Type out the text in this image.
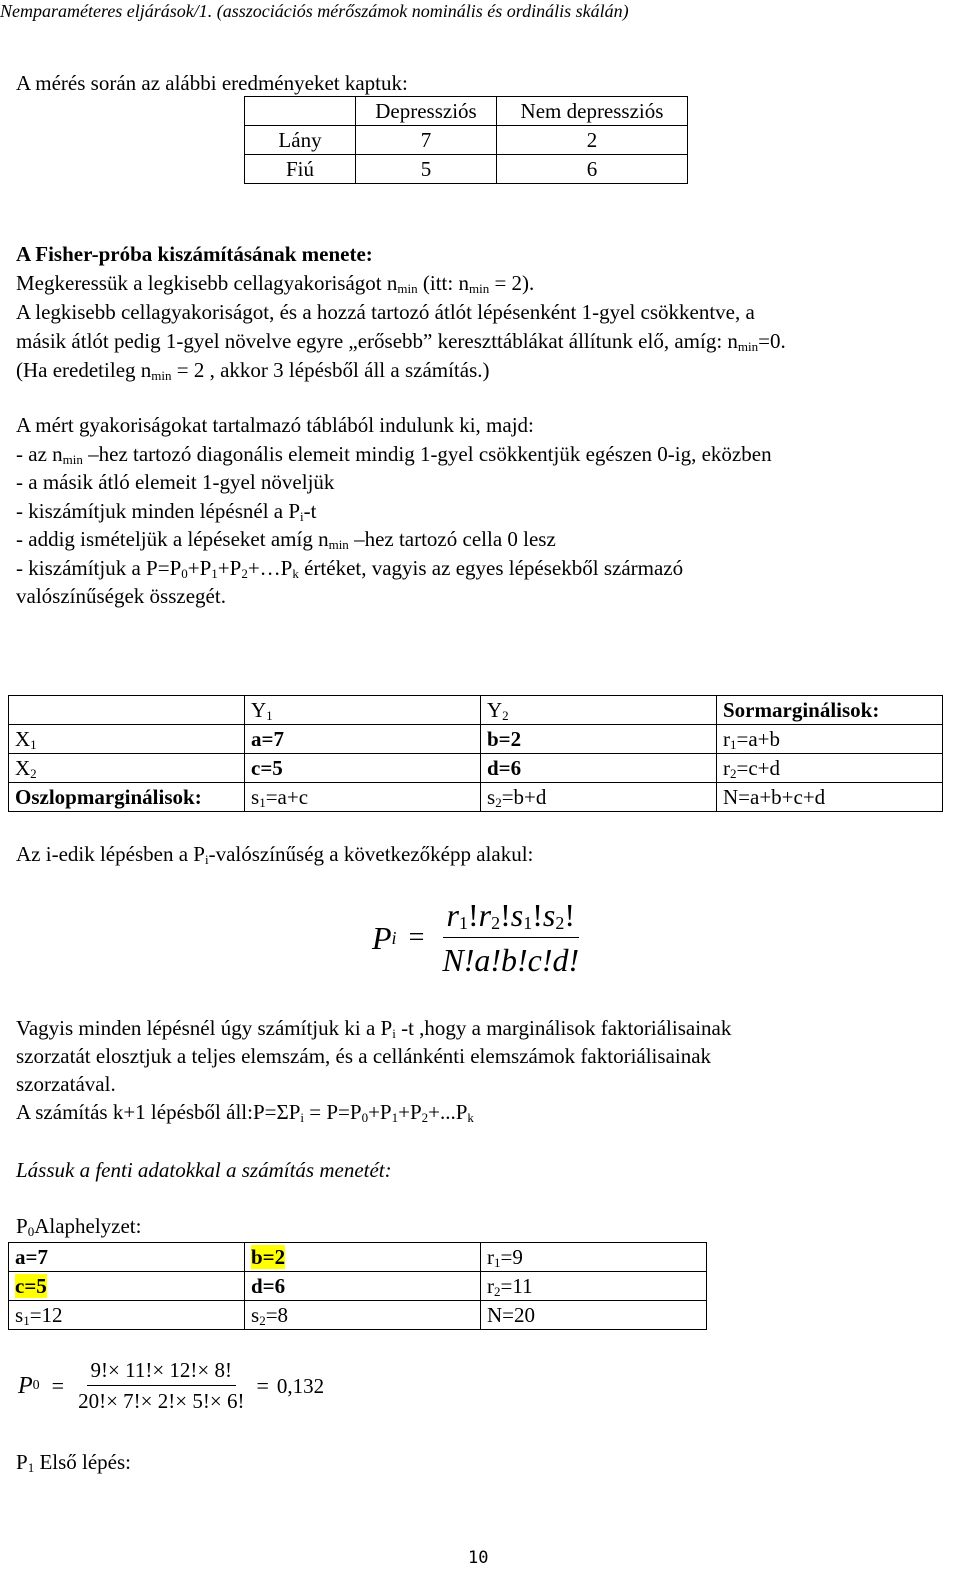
Nemparaméteres eljárások/1. (asszociációs mérőszámok nominális és ordinális skálán)

A mérés során az alábbi eredményeket kaptuk:

	Depressziós	Nem depressziós
Lány	7	2
Fiú	5	6

A Fisher-próba kiszámításának menete:

Megkeressük a legkisebb cellagyakoriságot $n_{min}$ (itt: $n_{min} = 2$).

A legkisebb cellagyakoriságot, és a hozzá tartozó átlót lépésenként 1-gyel csökkentve, a

másik átlót pedig 1-gyel növelve egyre „erősebb” kereszttáblákat állítunk elő, amíg: $n_{min}=0$.

(Ha eredetileg $n_{min} = 2$ , akkor 3 lépésből áll a számítás.)

A mért gyakoriságokat tartalmazó táblából indulunk ki, majd:

- az $n_{min}$ –hez tartozó diagonális elemeit mindig 1-gyel csökkentjük egészen 0-ig, eközben

- a másik átló elemeit 1-gyel növeljük

- kiszámítjuk minden lépésnél a $P_i-t$

- addig ismételjük a lépéseket amíg $n_{min}$ –hez tartozó cella 0 lesz

- kiszámítjuk a $P=P_0+P_1+P_2+\dots P_k$ értéket, vagyis az egyes lépésekből származó

valószínűségek összegét.

	$Y_1$	$Y_2$	Sormarginálisok:
$X_1$	a=7	b=2	$r_1=a+b$
$X_2$	c=5	d=6	$r_2=c+d$
Oszlopmarginálisok:	$s_1=a+c$	$s_2=b+d$	N=a+b+c+d

Az i-edik lépésben a $P_i$-valószínűség a következőképp alakul:

P $i = \frac{r_1!r_2!s_1!s_2!}{N!a!b!c!d!}$

Vagyis minden lépésnél úgy számítjuk ki a $P_i$ -t ,hogy a marginálisok faktoriálisainak

szorzatát elosztjuk a teljes elemszám, és a cellánkénti elemszámok faktoriálisainak

szorzatával.

A számítás k+1 lépésből $áll:P=\Sigma P_i = P=P_0+P_1+P_2+...P_k$

Lássuk a fenti adatokkal a számítás menetét:

$P_0Alaphelyzet$:

a=7	b=2	$r_1=9$
c=5	d=6	$r_2=11$
$s_1=12$	$s_2=8$	N=20
P $0 = \frac{9!\times 11!\times 12!\times 8!}{20!\times 7!\times 2!\times 5!\times 6!} = 0,132$

$P_1$ Első lépés:

10
